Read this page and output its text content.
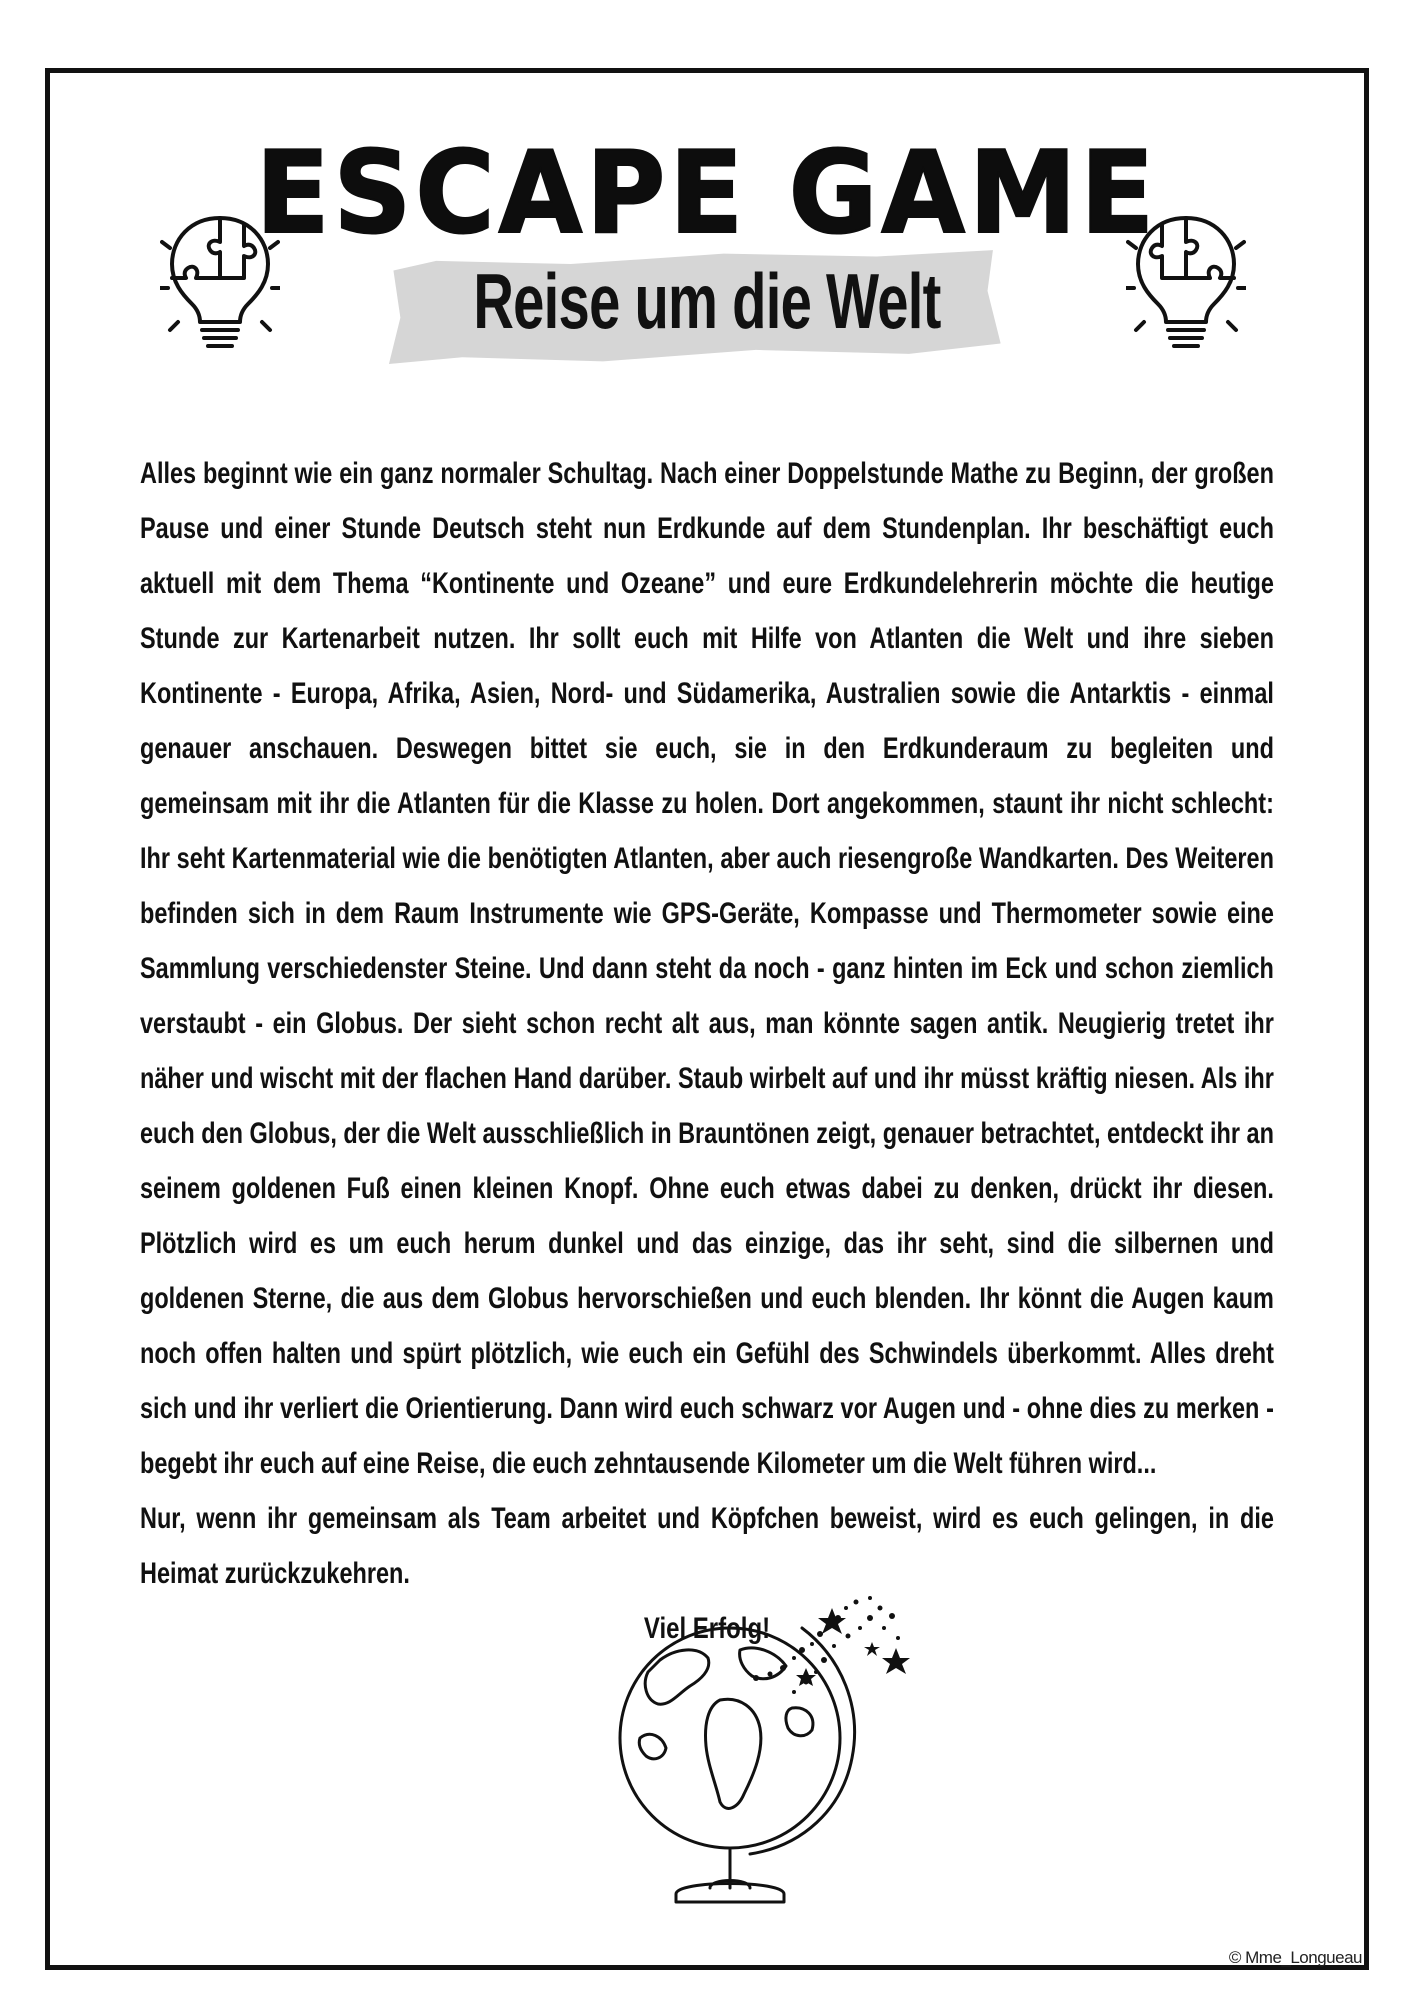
ESCAPE GAME
Reise um die Welt

Alles beginnt wie ein ganz normaler Schultag. Nach einer Doppelstunde Mathe zu Beginn, der großen Pause und einer Stunde Deutsch steht nun Erdkunde auf dem Stundenplan. Ihr beschäftigt euch aktuell mit dem Thema “Kontinente und Ozeane” und eure Erdkundelehrerin möchte die heutige Stunde zur Kartenarbeit nutzen. Ihr sollt euch mit Hilfe von Atlanten die Welt und ihre sieben Kontinente - Europa, Afrika, Asien, Nord- und Südamerika, Australien sowie die Antarktis - einmal genauer anschauen. Deswegen bittet sie euch, sie in den Erdkunderaum zu begleiten und gemeinsam mit ihr die Atlanten für die Klasse zu holen. Dort angekommen, staunt ihr nicht schlecht: Ihr seht Kartenmaterial wie die benötigten Atlanten, aber auch riesengroße Wandkarten. Des Weiteren befinden sich in dem Raum Instrumente wie GPS-Geräte, Kompasse und Thermometer sowie eine Sammlung verschiedenster Steine. Und dann steht da noch - ganz hinten im Eck und schon ziemlich verstaubt - ein Globus. Der sieht schon recht alt aus, man könnte sagen antik. Neugierig tretet ihr näher und wischt mit der flachen Hand darüber. Staub wirbelt auf und ihr müsst kräftig niesen. Als ihr euch den Globus, der die Welt ausschließlich in Brauntönen zeigt, genauer betrachtet, entdeckt ihr an seinem goldenen Fuß einen kleinen Knopf. Ohne euch etwas dabei zu denken, drückt ihr diesen. Plötzlich wird es um euch herum dunkel und das einzige, das ihr seht, sind die silbernen und goldenen Sterne, die aus dem Globus hervorschießen und euch blenden. Ihr könnt die Augen kaum noch offen halten und spürt plötzlich, wie euch ein Gefühl des Schwindels überkommt. Alles dreht sich und ihr verliert die Orientierung. Dann wird euch schwarz vor Augen und - ohne dies zu merken - begebt ihr euch auf eine Reise, die euch zehntausende Kilometer um die Welt führen wird...

Nur, wenn ihr gemeinsam als Team arbeitet und Köpfchen beweist, wird es euch gelingen, in die Heimat zurückzukehren.

Viel Erfolg!
© Mme_Longueau
